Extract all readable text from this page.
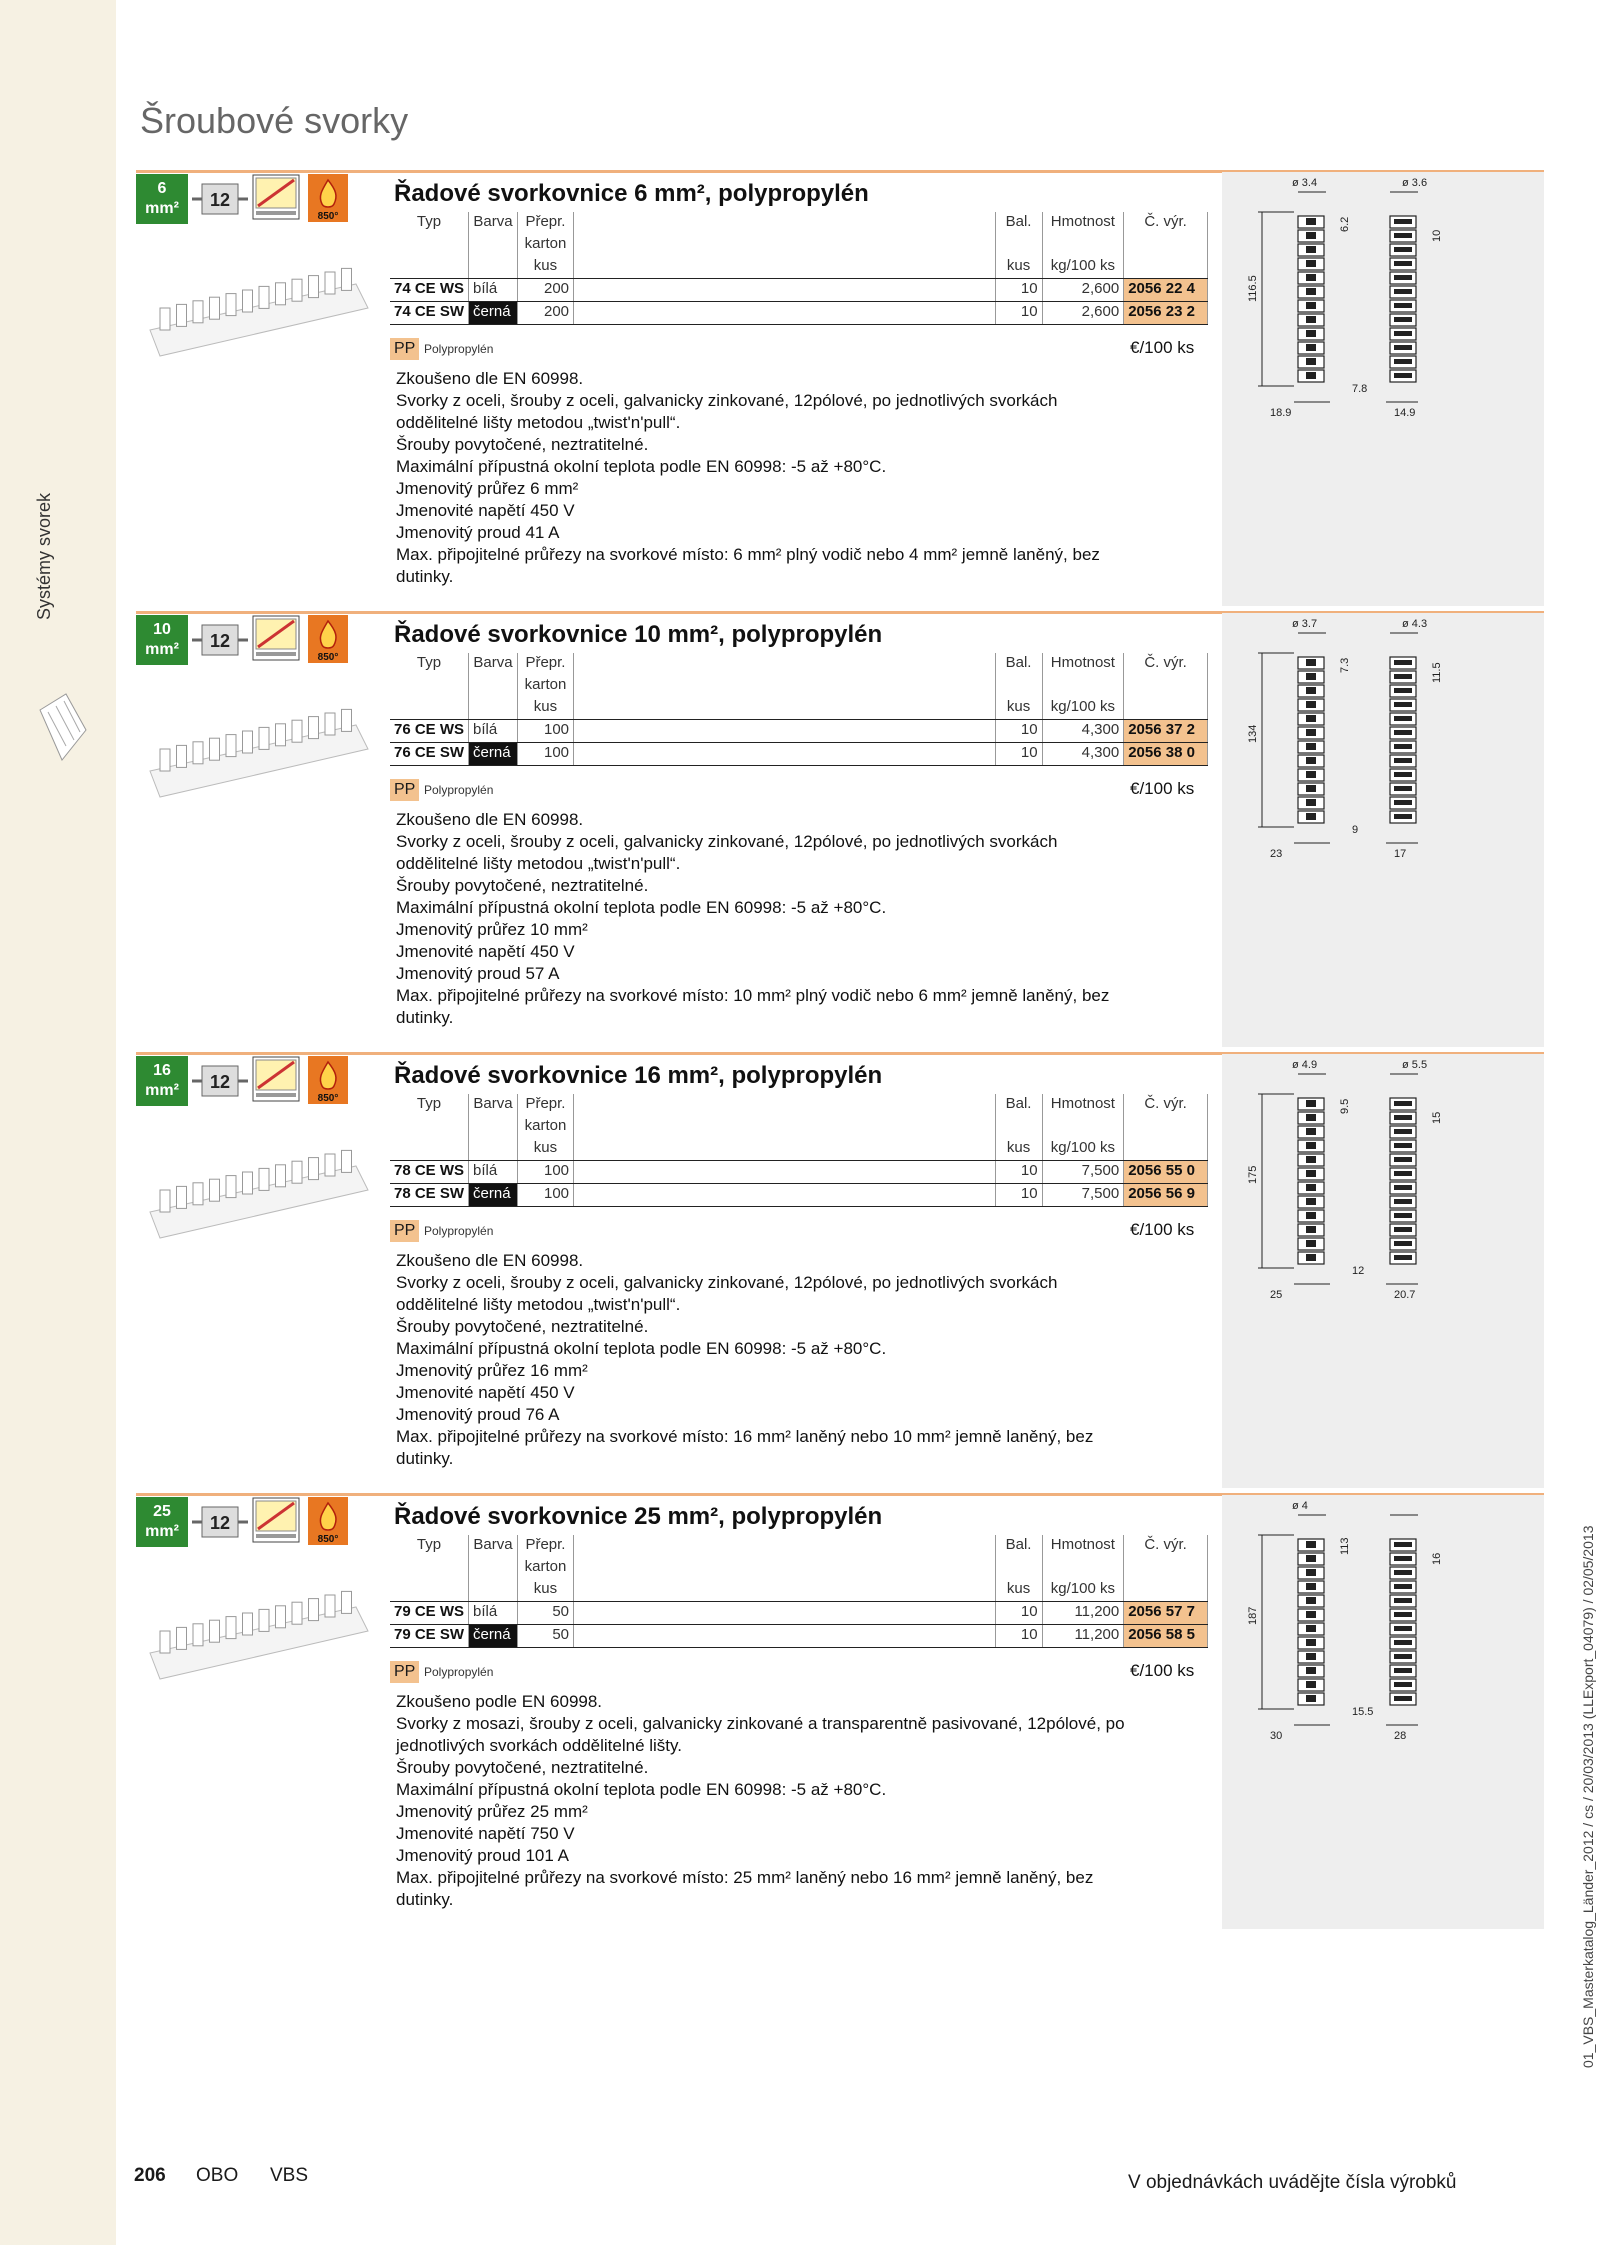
Systémy svorek
Šroubové svorky
6
mm²	12
850°
Řadové svorkovnice 6 mm², polypropylén
Typ	Barva	Přepr.		Bal.	Hmotnost	Č. výr.
		karton				
		kus		kus	kg/100 ks	
74 CE WS	bílá	200		10	2,600	2056 22 4
74 CE SW	černá	200		10	2,600	2056 23 2
PP Polypropylén	€/100 ks
Zkoušeno dle EN 60998.
Svorky z oceli, šrouby z oceli, galvanicky zinkované, 12pólové, po jednotlivých svorkách
oddělitelné lišty metodou „twist'n'pull“.
Šrouby povytočené, neztratitelné.
Maximální přípustná okolní teplota podle EN 60998: -5 až +80°C.
Jmenovitý průřez 6 mm²
Jmenovité napětí 450 V
Jmenovitý proud 41 A
Max. připojitelné průřezy na svorkové místo: 6 mm² plný vodič nebo 4 mm² jemně laněný, bez
dutinky.
ø 3.4	ø 3.6
116.5
6.2
10
18.9
7.8
14.9
10
mm²	12
850°
Řadové svorkovnice 10 mm², polypropylén
Typ	Barva	Přepr.		Bal.	Hmotnost	Č. výr.
		karton				
		kus		kus	kg/100 ks	
76 CE WS	bílá	100		10	4,300	2056 37 2
76 CE SW	černá	100		10	4,300	2056 38 0
PP Polypropylén	€/100 ks
Zkoušeno dle EN 60998.
Svorky z oceli, šrouby z oceli, galvanicky zinkované, 12pólové, po jednotlivých svorkách
oddělitelné lišty metodou „twist'n'pull“.
Šrouby povytočené, neztratitelné.
Maximální přípustná okolní teplota podle EN 60998: -5 až +80°C.
Jmenovitý průřez 10 mm²
Jmenovité napětí 450 V
Jmenovitý proud 57 A
Max. připojitelné průřezy na svorkové místo: 10 mm² plný vodič nebo 6 mm² jemně laněný, bez
dutinky.
ø 3.7	ø 4.3
134
7.3	11.5
23
9
17
16
mm²	12
850°
Řadové svorkovnice 16 mm², polypropylén
Typ	Barva	Přepr.		Bal.	Hmotnost	Č. výr.
		karton				
		kus		kus	kg/100 ks	
78 CE WS	bílá	100		10	7,500	2056 55 0
78 CE SW	černá	100		10	7,500	2056 56 9
PP Polypropylén	€/100 ks
Zkoušeno dle EN 60998.
Svorky z oceli, šrouby z oceli, galvanicky zinkované, 12pólové, po jednotlivých svorkách
oddělitelné lišty metodou „twist'n'pull“.
Šrouby povytočené, neztratitelné.
Maximální přípustná okolní teplota podle EN 60998: -5 až +80°C.
Jmenovitý průřez 16 mm²
Jmenovité napětí 450 V
Jmenovitý proud 76 A
Max. připojitelné průřezy na svorkové místo: 16 mm² laněný nebo 10 mm² jemně laněný, bez
dutinky.
ø 4.9	ø 5.5
175
9.5
15
25
12
20.7
25
mm²	12
850°
Řadové svorkovnice 25 mm², polypropylén
Typ	Barva	Přepr.		Bal.	Hmotnost	Č. výr.
		karton				
		kus		kus	kg/100 ks	
79 CE WS	bílá	50		10	11,200	2056 57 7
79 CE SW	černá	50		10	11,200	2056 58 5
PP Polypropylén	€/100 ks
Zkoušeno podle EN 60998.
Svorky z mosazi, šrouby z oceli, galvanicky zinkované a transparentně pasivované, 12pólové, po
jednotlivých svorkách oddělitelné lišty.
Šrouby povytočené, neztratitelné.
Maximální přípustná okolní teplota podle EN 60998: -5 až +80°C.
Jmenovitý průřez 25 mm²
Jmenovité napětí 750 V
Jmenovitý proud 101 A
Max. připojitelné průřezy na svorkové místo: 25 mm² laněný nebo 16 mm² jemně laněný, bez
dutinky.
ø 4
187
113
16
30
15.5
28
206 OBO VBS	V objednávkách uvádějte čísla výrobků
01_VBS_Masterkatalog_Länder_2012 / cs / 20/03/2013 (LLExport_04079) / 02/05/2013
